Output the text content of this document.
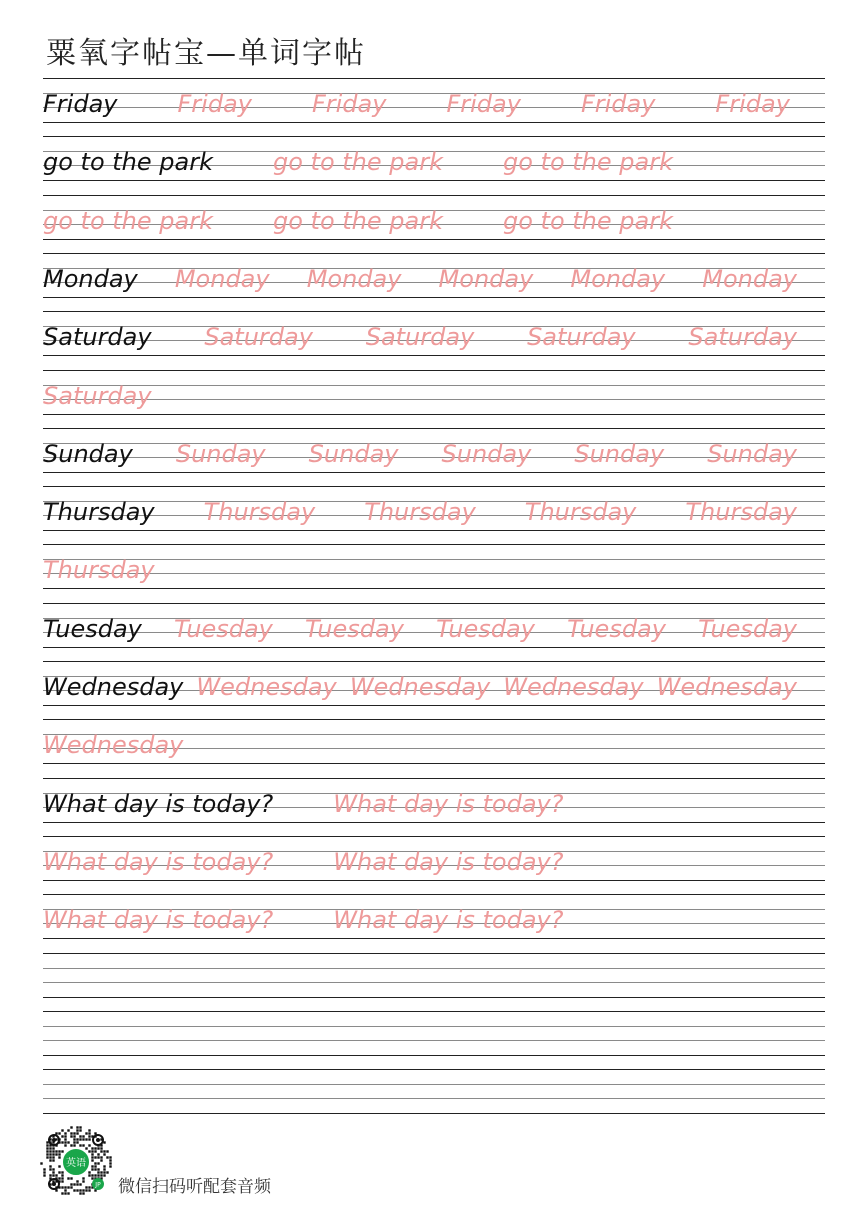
粟氧字帖宝—单词字帖
Friday	Friday	Friday	Friday	Friday	Friday
go to the park	go to the park	go to the park
go to the park	go to the park	go to the park
Monday Monday Monday Monday Monday Monday
Saturday Saturday Saturday Saturday Saturday
Saturday
Sunday Sunday Sunday Sunday Sunday Sunday
Thursday Thursday Thursday Thursday Thursday
Thursday
Tuesday Tuesday Tuesday Tuesday Tuesday Tuesday
Wednesday Wednesday Wednesday Wednesday Wednesday
Wednesday
What day is today?	What day is today?
What day is today?	What day is today?
What day is today?	What day is today?
英语
JP 微信扫码听配套音频
